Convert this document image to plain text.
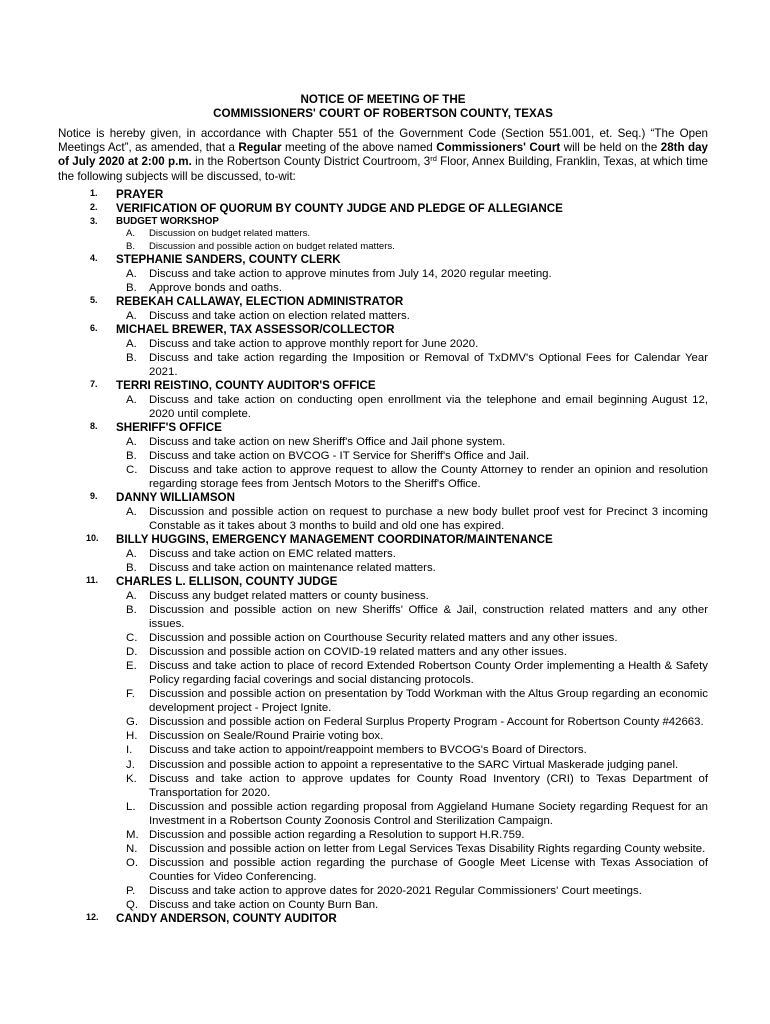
NOTICE OF MEETING OF THE
COMMISSIONERS' COURT OF ROBERTSON COUNTY, TEXAS
Notice is hereby given, in accordance with Chapter 551 of the Government Code (Section 551.001, et. Seq.) “The Open Meetings Act”, as amended, that a Regular meeting of the above named Commissioners' Court will be held on the 28th day of July 2020 at 2:00 p.m. in the Robertson County District Courtroom, 3rd Floor, Annex Building, Franklin, Texas, at which time the following subjects will be discussed, to-wit:
1.	PRAYER
2.	VERIFICATION OF QUORUM BY COUNTY JUDGE AND PLEDGE OF ALLEGIANCE
3.	BUDGET WORKSHOP
A.	Discussion on budget related matters.
B.	Discussion and possible action on budget related matters.
4.	STEPHANIE SANDERS, COUNTY CLERK
A.	Discuss and take action to approve minutes from July 14, 2020 regular meeting.
B.	Approve bonds and oaths.
5.	REBEKAH CALLAWAY, ELECTION ADMINISTRATOR
A.	Discuss and take action on election related matters.
6.	MICHAEL BREWER, TAX ASSESSOR/COLLECTOR
A.	Discuss and take action to approve monthly report for June 2020.
B.	Discuss and take action regarding the Imposition or Removal of TxDMV's Optional Fees for Calendar Year 2021.
7.	TERRI REISTINO, COUNTY AUDITOR'S OFFICE
A.	Discuss and take action on conducting open enrollment via the telephone and email beginning August 12, 2020 until complete.
8.	SHERIFF'S OFFICE
A.	Discuss and take action on new Sheriff's Office and Jail phone system.
B.	Discuss and take action on BVCOG - IT Service for Sheriff's Office and Jail.
C.	Discuss and take action to approve request to allow the County Attorney to render an opinion and resolution regarding storage fees from Jentsch Motors to the Sheriff's Office.
9.	DANNY WILLIAMSON
A.	Discussion and possible action on request to purchase a new body bullet proof vest for Precinct 3 incoming Constable as it takes about 3 months to build and old one has expired.
10.	BILLY HUGGINS, EMERGENCY MANAGEMENT COORDINATOR/MAINTENANCE
A.	Discuss and take action on EMC related matters.
B.	Discuss and take action on maintenance related matters.
11.	CHARLES L. ELLISON, COUNTY JUDGE
A.	Discuss any budget related matters or county business.
B.	Discussion and possible action on new Sheriffs' Office & Jail, construction related matters and any other issues.
C.	Discussion and possible action on Courthouse Security related matters and any other issues.
D.	Discussion and possible action on COVID-19 related matters and any other issues.
E.	Discuss and take action to place of record Extended Robertson County Order implementing a Health & Safety Policy regarding facial coverings and social distancing protocols.
F.	Discussion and possible action on presentation by Todd Workman with the Altus Group regarding an economic development project - Project Ignite.
G. Discussion and possible action on Federal Surplus Property Program - Account for Robertson County #42663.
H.	Discussion on Seale/Round Prairie voting box.
I.	Discuss and take action to appoint/reappoint members to BVCOG's Board of Directors.
J.	Discussion and possible action to appoint a representative to the SARC Virtual Maskerade judging panel.
K.	Discuss and take action to approve updates for County Road Inventory (CRI) to Texas Department of Transportation for 2020.
L.	Discussion and possible action regarding proposal from Aggieland Humane Society regarding Request for an Investment in a Robertson County Zoonosis Control and Sterilization Campaign.
M. Discussion and possible action regarding a Resolution to support H.R.759.
N.	Discussion and possible action on letter from Legal Services Texas Disability Rights regarding County website.
O. Discussion and possible action regarding the purchase of Google Meet License with Texas Association of Counties for Video Conferencing.
P.	Discuss and take action to approve dates for 2020-2021 Regular Commissioners' Court meetings.
Q. Discuss and take action on County Burn Ban.
12.	CANDY ANDERSON, COUNTY AUDITOR
